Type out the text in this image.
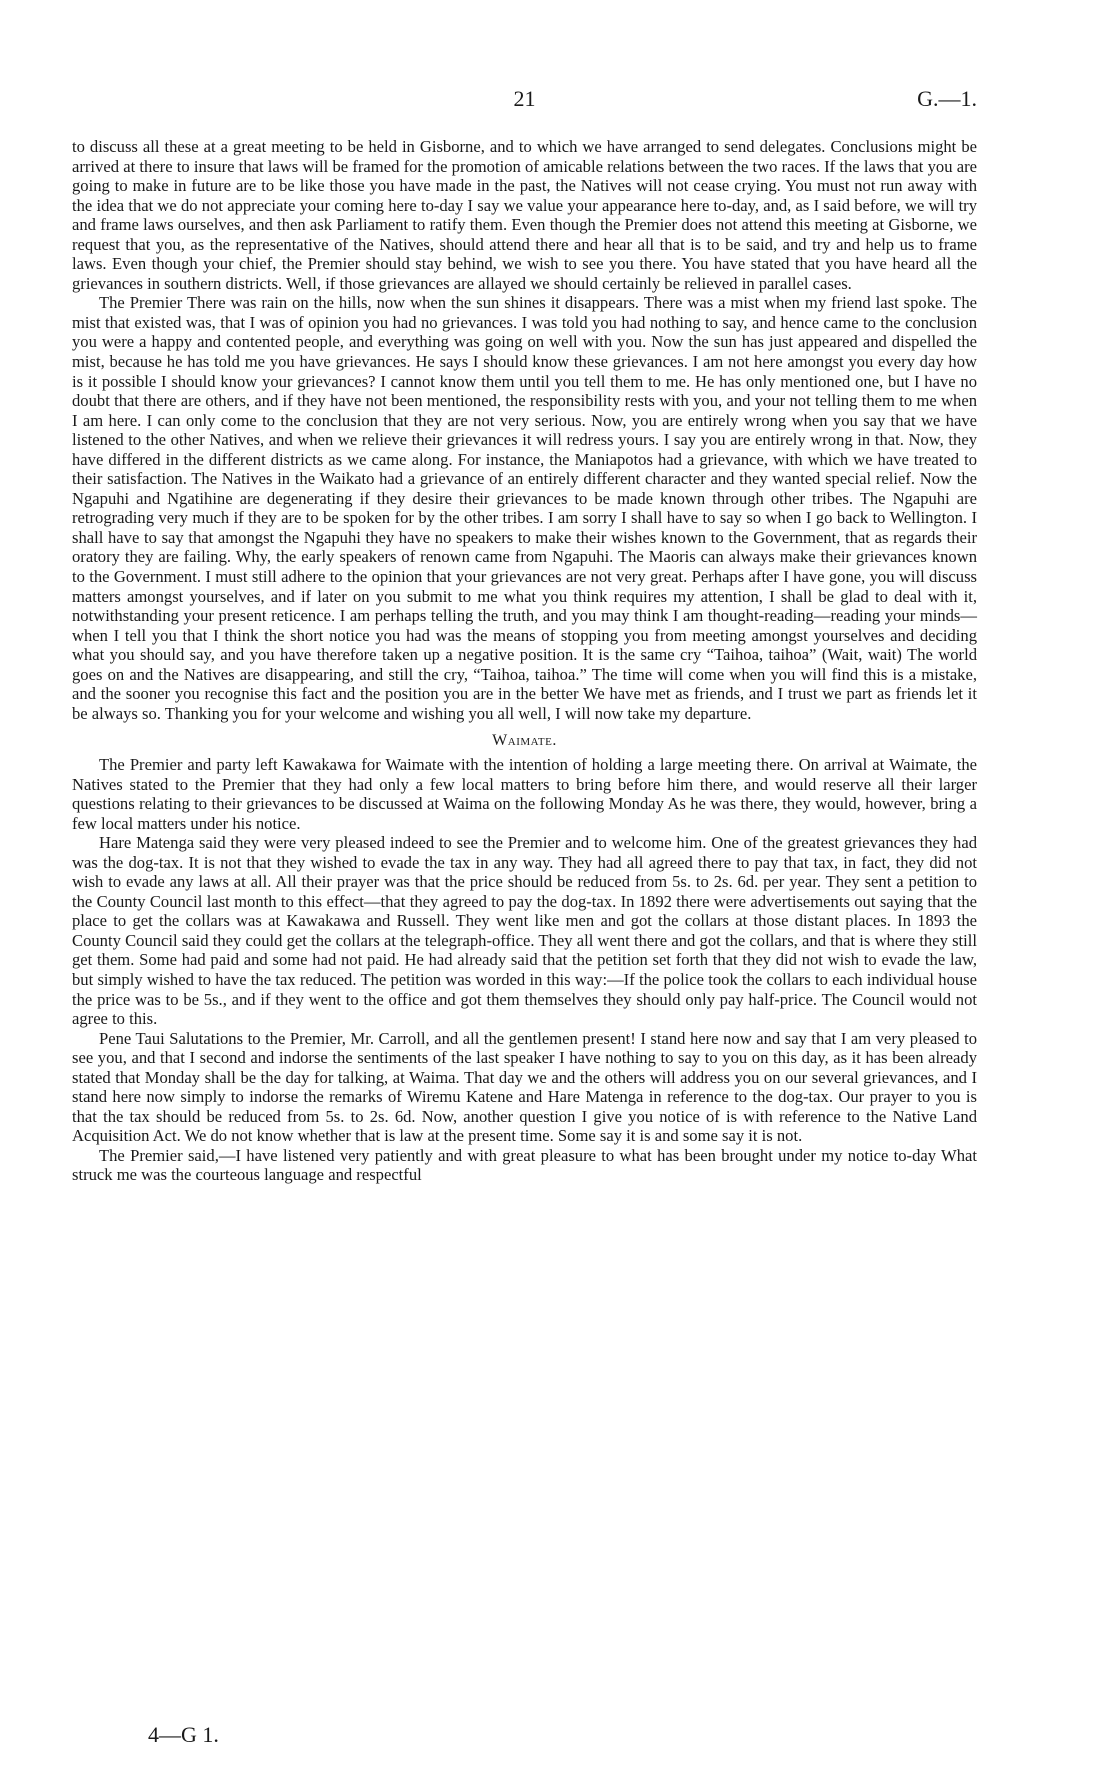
21	G.—1.

to discuss all these at a great meeting to be held in Gisborne, and to which we have arranged to send delegates. Conclusions might be arrived at there to insure that laws will be framed for the promotion of amicable relations between the two races. If the laws that you are going to make in future are to be like those you have made in the past, the Natives will not cease crying. You must not run away with the idea that we do not appreciate your coming here to-day I say we value your appearance here to-day, and, as I said before, we will try and frame laws ourselves, and then ask Parliament to ratify them. Even though the Premier does not attend this meeting at Gisborne, we request that you, as the representative of the Natives, should attend there and hear all that is to be said, and try and help us to frame laws. Even though your chief, the Premier should stay behind, we wish to see you there. You have stated that you have heard all the grievances in southern districts. Well, if those grievances are allayed we should certainly be relieved in parallel cases.

The Premier There was rain on the hills, now when the sun shines it disappears. There was a mist when my friend last spoke. The mist that existed was, that I was of opinion you had no grievances. I was told you had nothing to say, and hence came to the conclusion you were a happy and contented people, and everything was going on well with you. Now the sun has just appeared and dispelled the mist, because he has told me you have grievances. He says I should know these grievances. I am not here amongst you every day how is it possible I should know your grievances? I cannot know them until you tell them to me. He has only mentioned one, but I have no doubt that there are others, and if they have not been mentioned, the responsibility rests with you, and your not telling them to me when I am here. I can only come to the conclusion that they are not very serious. Now, you are entirely wrong when you say that we have listened to the other Natives, and when we relieve their grievances it will redress yours. I say you are entirely wrong in that. Now, they have differed in the different districts as we came along. For instance, the Maniapotos had a grievance, with which we have treated to their satisfaction. The Natives in the Waikato had a grievance of an entirely different character and they wanted special relief. Now the Ngapuhi and Ngatihine are degenerating if they desire their grievances to be made known through other tribes. The Ngapuhi are retrograding very much if they are to be spoken for by the other tribes. I am sorry I shall have to say so when I go back to Wellington. I shall have to say that amongst the Ngapuhi they have no speakers to make their wishes known to the Government, that as regards their oratory they are failing. Why, the early speakers of renown came from Ngapuhi. The Maoris can always make their grievances known to the Government. I must still adhere to the opinion that your grievances are not very great. Perhaps after I have gone, you will discuss matters amongst yourselves, and if later on you submit to me what you think requires my attention, I shall be glad to deal with it, notwithstanding your present reticence. I am perhaps telling the truth, and you may think I am thought-reading—reading your minds—when I tell you that I think the short notice you had was the means of stopping you from meeting amongst yourselves and deciding what you should say, and you have therefore taken up a negative position. It is the same cry “Taihoa, taihoa” (Wait, wait) The world goes on and the Natives are disappearing, and still the cry, “Taihoa, taihoa.” The time will come when you will find this is a mistake, and the sooner you recognise this fact and the position you are in the better We have met as friends, and I trust we part as friends let it be always so. Thanking you for your welcome and wishing you all well, I will now take my departure.

Waimate.

The Premier and party left Kawakawa for Waimate with the intention of holding a large meeting there. On arrival at Waimate, the Natives stated to the Premier that they had only a few local matters to bring before him there, and would reserve all their larger questions relating to their grievances to be discussed at Waima on the following Monday As he was there, they would, however, bring a few local matters under his notice.

Hare Matenga said they were very pleased indeed to see the Premier and to welcome him. One of the greatest grievances they had was the dog-tax. It is not that they wished to evade the tax in any way. They had all agreed there to pay that tax, in fact, they did not wish to evade any laws at all. All their prayer was that the price should be reduced from 5s. to 2s. 6d. per year. They sent a petition to the County Council last month to this effect—that they agreed to pay the dog-tax. In 1892 there were advertisements out saying that the place to get the collars was at Kawakawa and Russell. They went like men and got the collars at those distant places. In 1893 the County Council said they could get the collars at the telegraph-office. They all went there and got the collars, and that is where they still get them. Some had paid and some had not paid. He had already said that the petition set forth that they did not wish to evade the law, but simply wished to have the tax reduced. The petition was worded in this way:—If the police took the collars to each individual house the price was to be 5s., and if they went to the office and got them themselves they should only pay half-price. The Council would not agree to this.

Pene Taui Salutations to the Premier, Mr. Carroll, and all the gentlemen present! I stand here now and say that I am very pleased to see you, and that I second and indorse the sentiments of the last speaker I have nothing to say to you on this day, as it has been already stated that Monday shall be the day for talking, at Waima. That day we and the others will address you on our several grievances, and I stand here now simply to indorse the remarks of Wiremu Katene and Hare Matenga in reference to the dog-tax. Our prayer to you is that the tax should be reduced from 5s. to 2s. 6d. Now, another question I give you notice of is with reference to the Native Land Acquisition Act. We do not know whether that is law at the present time. Some say it is and some say it is not.

The Premier said,—I have listened very patiently and with great pleasure to what has been brought under my notice to-day What struck me was the courteous language and respectful

4—G 1.
